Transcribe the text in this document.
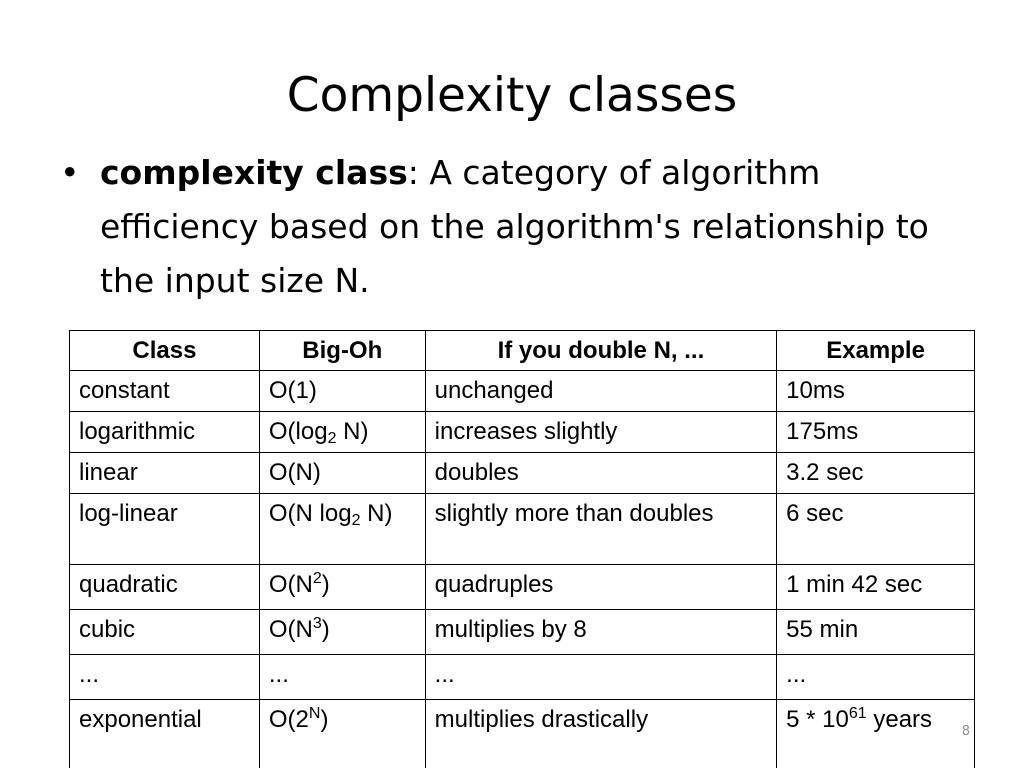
Complexity classes
• complexity class: A category of algorithm efficiency based on the algorithm's relationship to the input size N.
Class	Big-Oh	If you double N, ...	Example
constant	O(1)	unchanged	10ms
logarithmic	$O(\log_2$ N)	increases slightly	175ms
linear	O(N)	doubles	3.2 sec
log-linear	O(N $\log_2 N$)	slightly more than doubles	6 sec
quadratic	$O(N^2)$	quadruples	1 min 42 sec
cubic	$O(N^3)$	multiplies by 8	55 min
...	...	...	...
exponential	$O(2^N)$	multiplies drastically	$5 * 10^{61}$ years	8
